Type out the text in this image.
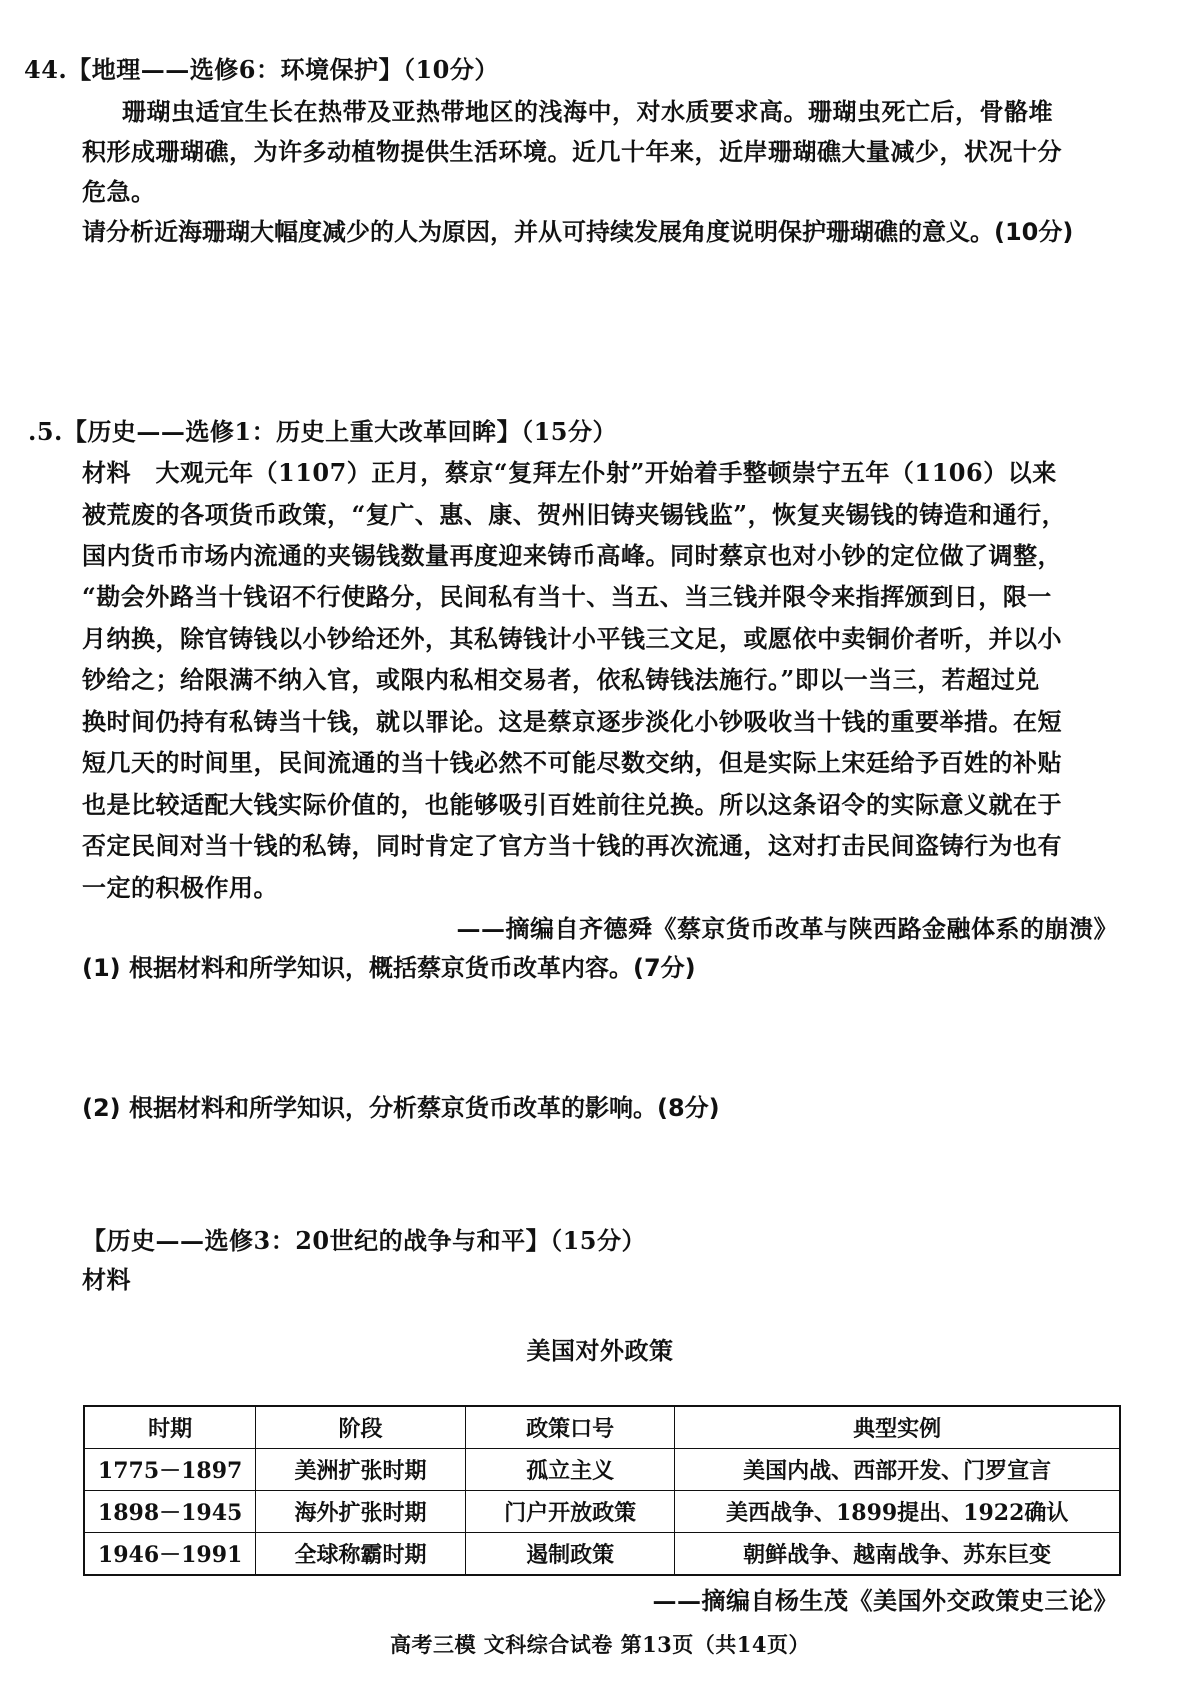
44.【地理——选修6：环境保护】（10分）
珊瑚虫适宜生长在热带及亚热带地区的浅海中，对水质要求高。珊瑚虫死亡后，骨骼堆
积形成珊瑚礁，为许多动植物提供生活环境。近几十年来，近岸珊瑚礁大量减少，状况十分
危急。
请分析近海珊瑚大幅度减少的人为原因，并从可持续发展角度说明保护珊瑚礁的意义。(10分)
.5.【历史——选修1：历史上重大改革回眸】（15分）
材料　大观元年（1107）正月，蔡京“复拜左仆射”开始着手整顿崇宁五年（1106）以来
被荒废的各项货币政策，“复广、惠、康、贺州旧铸夹锡钱监”，恢复夹锡钱的铸造和通行，
国内货币市场内流通的夹锡钱数量再度迎来铸币高峰。同时蔡京也对小钞的定位做了调整，
“勘会外路当十钱诏不行使路分，民间私有当十、当五、当三钱并限令来指挥颁到日，限一
月纳换，除官铸钱以小钞给还外，其私铸钱计小平钱三文足，或愿依中卖铜价者听，并以小
钞给之；给限满不纳入官，或限内私相交易者，依私铸钱法施行。”即以一当三，若超过兑
换时间仍持有私铸当十钱，就以罪论。这是蔡京逐步淡化小钞吸收当十钱的重要举措。在短
短几天的时间里，民间流通的当十钱必然不可能尽数交纳，但是实际上宋廷给予百姓的补贴
也是比较适配大钱实际价值的，也能够吸引百姓前往兑换。所以这条诏令的实际意义就在于
否定民间对当十钱的私铸，同时肯定了官方当十钱的再次流通，这对打击民间盗铸行为也有
一定的积极作用。
——摘编自齐德舜《蔡京货币改革与陕西路金融体系的崩溃》
(1) 根据材料和所学知识，概括蔡京货币改革内容。(7分)
(2) 根据材料和所学知识，分析蔡京货币改革的影响。(8分)
【历史——选修3：20世纪的战争与和平】（15分）
材料
美国对外政策
时期	阶段	政策口号	典型实例
1775－1897	美洲扩张时期	孤立主义	美国内战、西部开发、门罗宣言
1898－1945	海外扩张时期	门户开放政策	美西战争、1899提出、1922确认
1946－1991	全球称霸时期	遏制政策	朝鲜战争、越南战争、苏东巨变
——摘编自杨生茂《美国外交政策史三论》
高考三模 文科综合试卷 第13页（共14页）
